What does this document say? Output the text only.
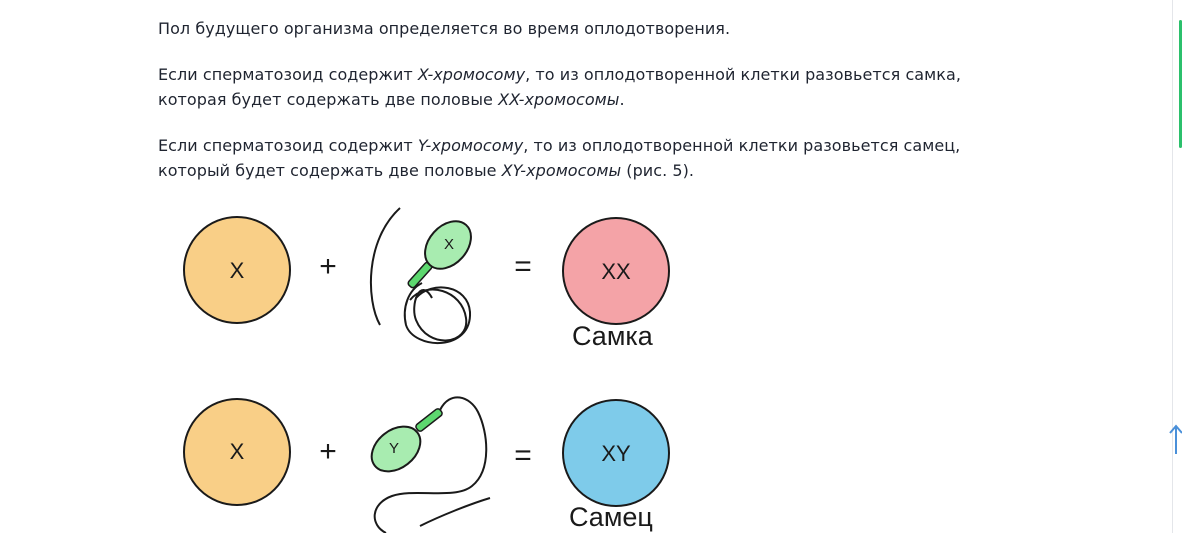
Пол будущего организма определяется во время оплодотворения.

Если сперматозоид содержит X-хромосому, то из оплодотворенной клетки разовьется самка,
которая будет содержать две половые XX-хромосомы.

Если сперматозоид содержит Y-хромосому, то из оплодотворенной клетки разовьется самец,
который будет содержать две половые XY-хромосомы (рис. 5).

X +
X
=	XX
X +	Y	=	XY
Самка
Самец
